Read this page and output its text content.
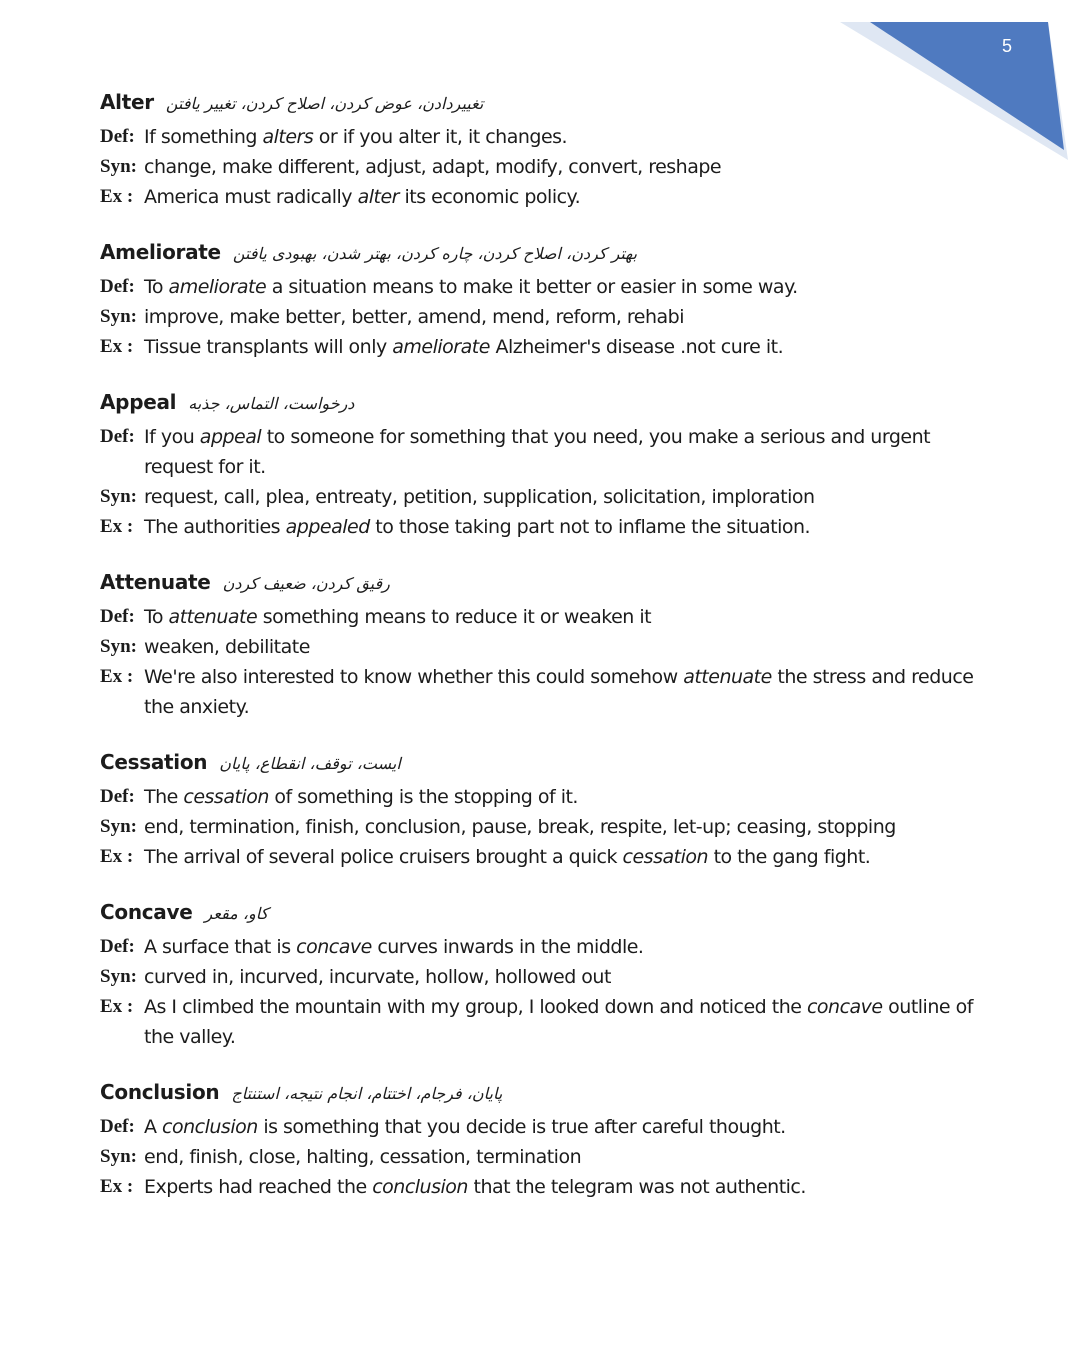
5
Alter تغییردادن، عوض کردن، اصلاح کردن، تغییر یافتن
Def: If something alters or if you alter it, it changes.
Syn: change, make different, adjust, adapt, modify, convert, reshape
Ex : America must radically alter its economic policy.
Ameliorate بهتر کردن، اصلاح کردن، چاره کردن، بهتر شدن، بهبودی یافتن
Def: To ameliorate a situation means to make it better or easier in some way.
Syn: improve, make better, better, amend, mend, reform, rehabi
Ex : Tissue transplants will only ameliorate Alzheimer's disease .not cure it.
Appeal درخواست، التماس، جذبه
Def: If you appeal to someone for something that you need, you make a serious and urgent request for it.
Syn: request, call, plea, entreaty, petition, supplication, solicitation, imploration
Ex : The authorities appealed to those taking part not to inflame the situation.
Attenuate رقیق کردن، ضعیف کردن
Def: To attenuate something means to reduce it or weaken it
Syn: weaken, debilitate
Ex : We're also interested to know whether this could somehow attenuate the stress and reduce the anxiety.
Cessation ایست، توقف، انقطاع، پایان
Def: The cessation of something is the stopping of it.
Syn: end, termination, finish, conclusion, pause, break, respite, let-up; ceasing, stopping
Ex : The arrival of several police cruisers brought a quick cessation to the gang fight.
Concave کاو، مقعر
Def: A surface that is concave curves inwards in the middle.
Syn: curved in, incurved, incurvate, hollow, hollowed out
Ex : As I climbed the mountain with my group, I looked down and noticed the concave outline of the valley.
Conclusion پایان، فرجام، اختتام، انجام نتیجه، استنتاج
Def: A conclusion is something that you decide is true after careful thought.
Syn: end, finish, close, halting, cessation, termination
Ex : Experts had reached the conclusion that the telegram was not authentic.
